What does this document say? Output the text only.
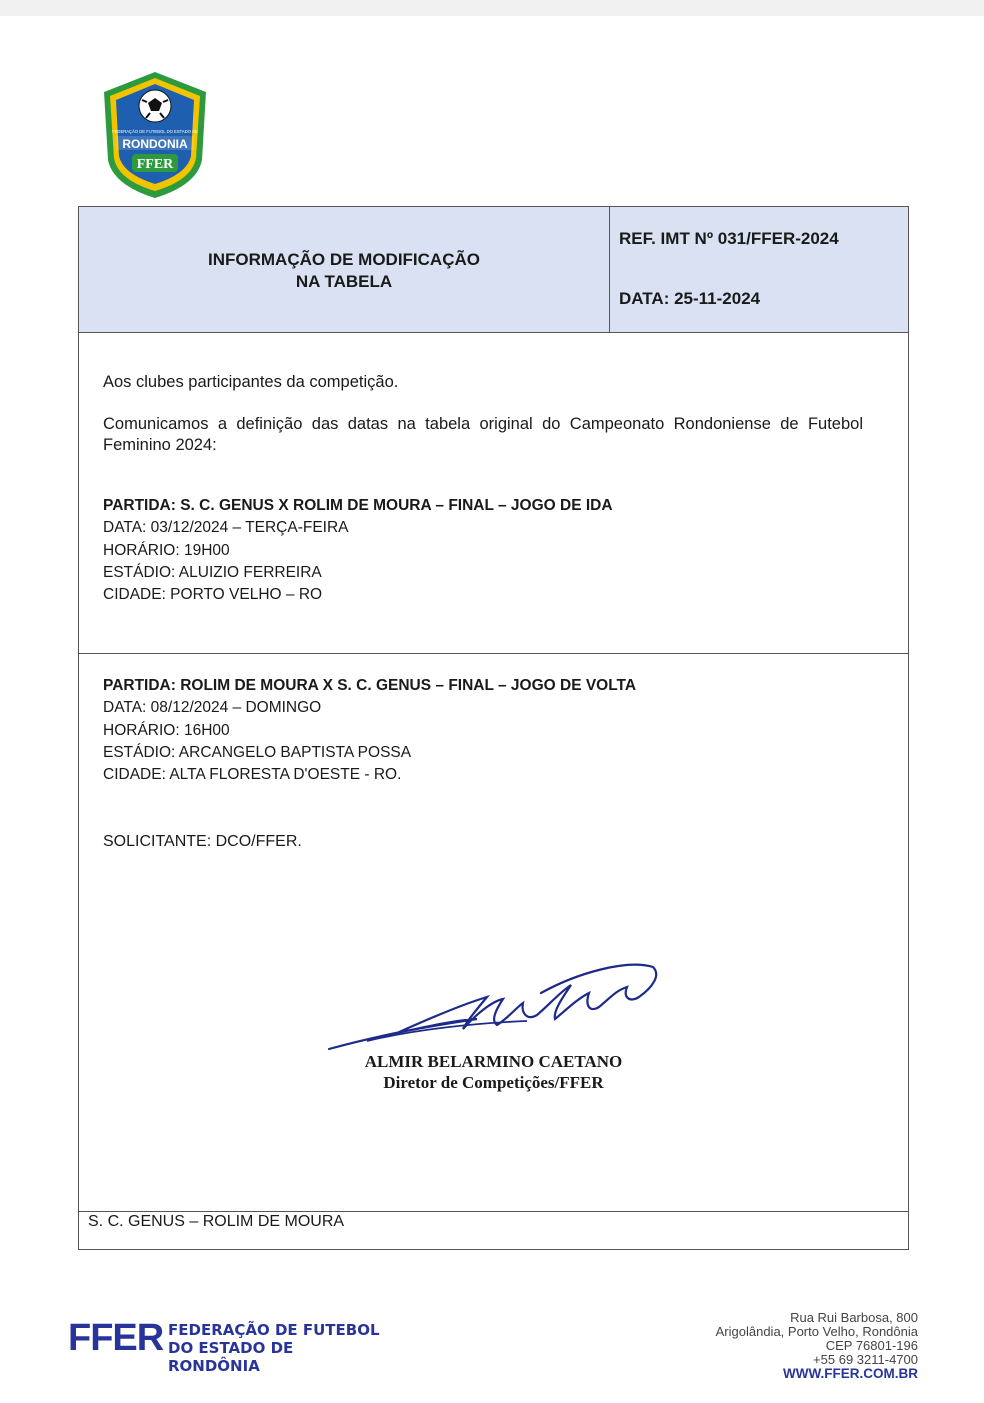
FEDERAÇÃO DE FUTEBOL DO ESTADO DE
RONDONIA
FFER
INFORMAÇÃO DE MODIFICAÇÃO
NA TABELA
REF. IMT Nº 031/FFER-2024
DATA: 25-11-2024
Aos clubes participantes da competição.
Comunicamos a definição das datas na tabela original do Campeonato Rondoniense de Futebol Feminino 2024:
PARTIDA: S. C. GENUS X ROLIM DE MOURA – FINAL – JOGO DE IDA
DATA: 03/12/2024 – TERÇA-FEIRA
HORÁRIO: 19H00
ESTÁDIO: ALUIZIO FERREIRA
CIDADE: PORTO VELHO – RO
PARTIDA: ROLIM DE MOURA X S. C. GENUS – FINAL – JOGO DE VOLTA
DATA: 08/12/2024 – DOMINGO
HORÁRIO: 16H00
ESTÁDIO: ARCANGELO BAPTISTA POSSA
CIDADE: ALTA FLORESTA D'OESTE - RO.
SOLICITANTE: DCO/FFER.
ALMIR BELARMINO CAETANO
Diretor de Competições/FFER
S. C. GENUS – ROLIM DE MOURA
FFER FEDERAÇÃO DE FUTEBOL
DO ESTADO DE RONDÔNIA
Rua Rui Barbosa, 800
Arigolândia, Porto Velho, Rondônia
CEP 76801-196
+55 69 3211-4700
WWW.FFER.COM.BR
